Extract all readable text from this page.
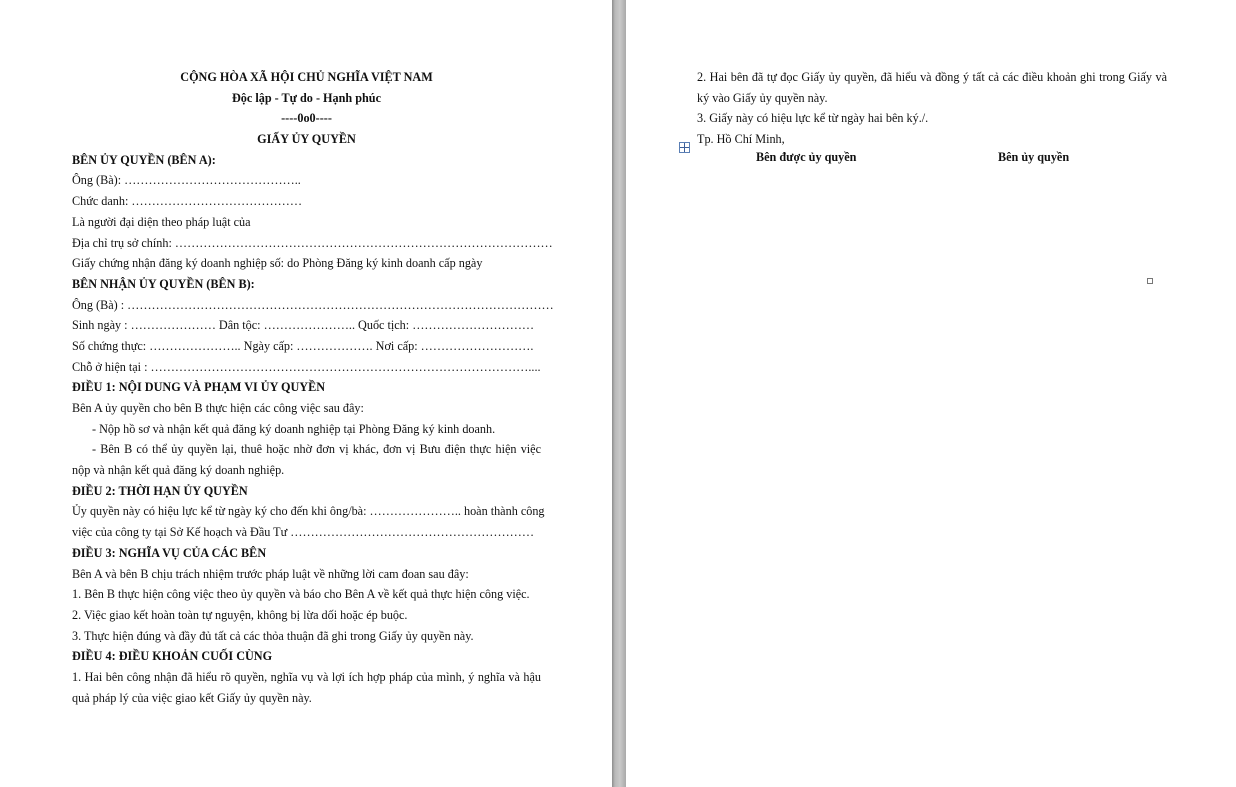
CỘNG HÒA XÃ HỘI CHỦ NGHĨA VIỆT NAM
Độc lập - Tự do - Hạnh phúc
----0o0----
GIẤY ỦY QUYỀN
BÊN ỦY QUYỀN (BÊN A):
Ông (Bà): ……………………………………..
Chức danh: ……………………………………
Là người đại diện theo pháp luật của
Địa chỉ trụ sở chính: …………………………………………………………………………………
Giấy chứng nhận đăng ký doanh nghiệp số: do Phòng Đăng ký kinh doanh cấp ngày
BÊN NHẬN ỦY QUYỀN (BÊN B):
Ông (Bà) : ……………………………………………………………………………………………
Sinh ngày : ………………… Dân tộc: ………………….. Quốc tịch: …………………………
Số chứng thực: ………………….. Ngày cấp: ………………. Nơi cấp: ……………………….
Chỗ ở hiện tại : …………………………………………………………………………………....
ĐIỀU 1: NỘI DUNG VÀ PHẠM VI ỦY QUYỀN
Bên A ủy quyền cho bên B thực hiện các công việc sau đây:
- Nộp hồ sơ và nhận kết quả đăng ký doanh nghiệp tại Phòng Đăng ký kinh doanh.
- Bên B có thể ủy quyền lại, thuê hoặc nhờ đơn vị khác, đơn vị Bưu điện thực hiện việc
nộp và nhận kết quả đăng ký doanh nghiệp.
ĐIỀU 2: THỜI HẠN ỦY QUYỀN
Ủy quyền này có hiệu lực kể từ ngày ký cho đến khi ông/bà: ………………….. hoàn thành công
việc của công ty tại Sở Kế hoạch và Đầu Tư ……………………………………………………
ĐIỀU 3: NGHĨA VỤ CỦA CÁC BÊN
Bên A và bên B chịu trách nhiệm trước pháp luật về những lời cam đoan sau đây:
1. Bên B thực hiện công việc theo ủy quyền và báo cho Bên A về kết quả thực hiện công việc.
2. Việc giao kết hoàn toàn tự nguyện, không bị lừa dối hoặc ép buộc.
3. Thực hiện đúng và đầy đủ tất cả các thỏa thuận đã ghi trong Giấy ủy quyền này.
ĐIỀU 4: ĐIỀU KHOẢN CUỐI CÙNG
1. Hai bên công nhận đã hiểu rõ quyền, nghĩa vụ và lợi ích hợp pháp của mình, ý nghĩa và hậu
quả pháp lý của việc giao kết Giấy ủy quyền này.
2. Hai bên đã tự đọc Giấy ủy quyền, đã hiểu và đồng ý tất cả các điều khoản ghi trong Giấy và
ký vào Giấy ủy quyền này.
3. Giấy này có hiệu lực kể từ ngày hai bên ký./.
Tp. Hồ Chí Minh,
Bên được ủy quyền	Bên ủy quyền
